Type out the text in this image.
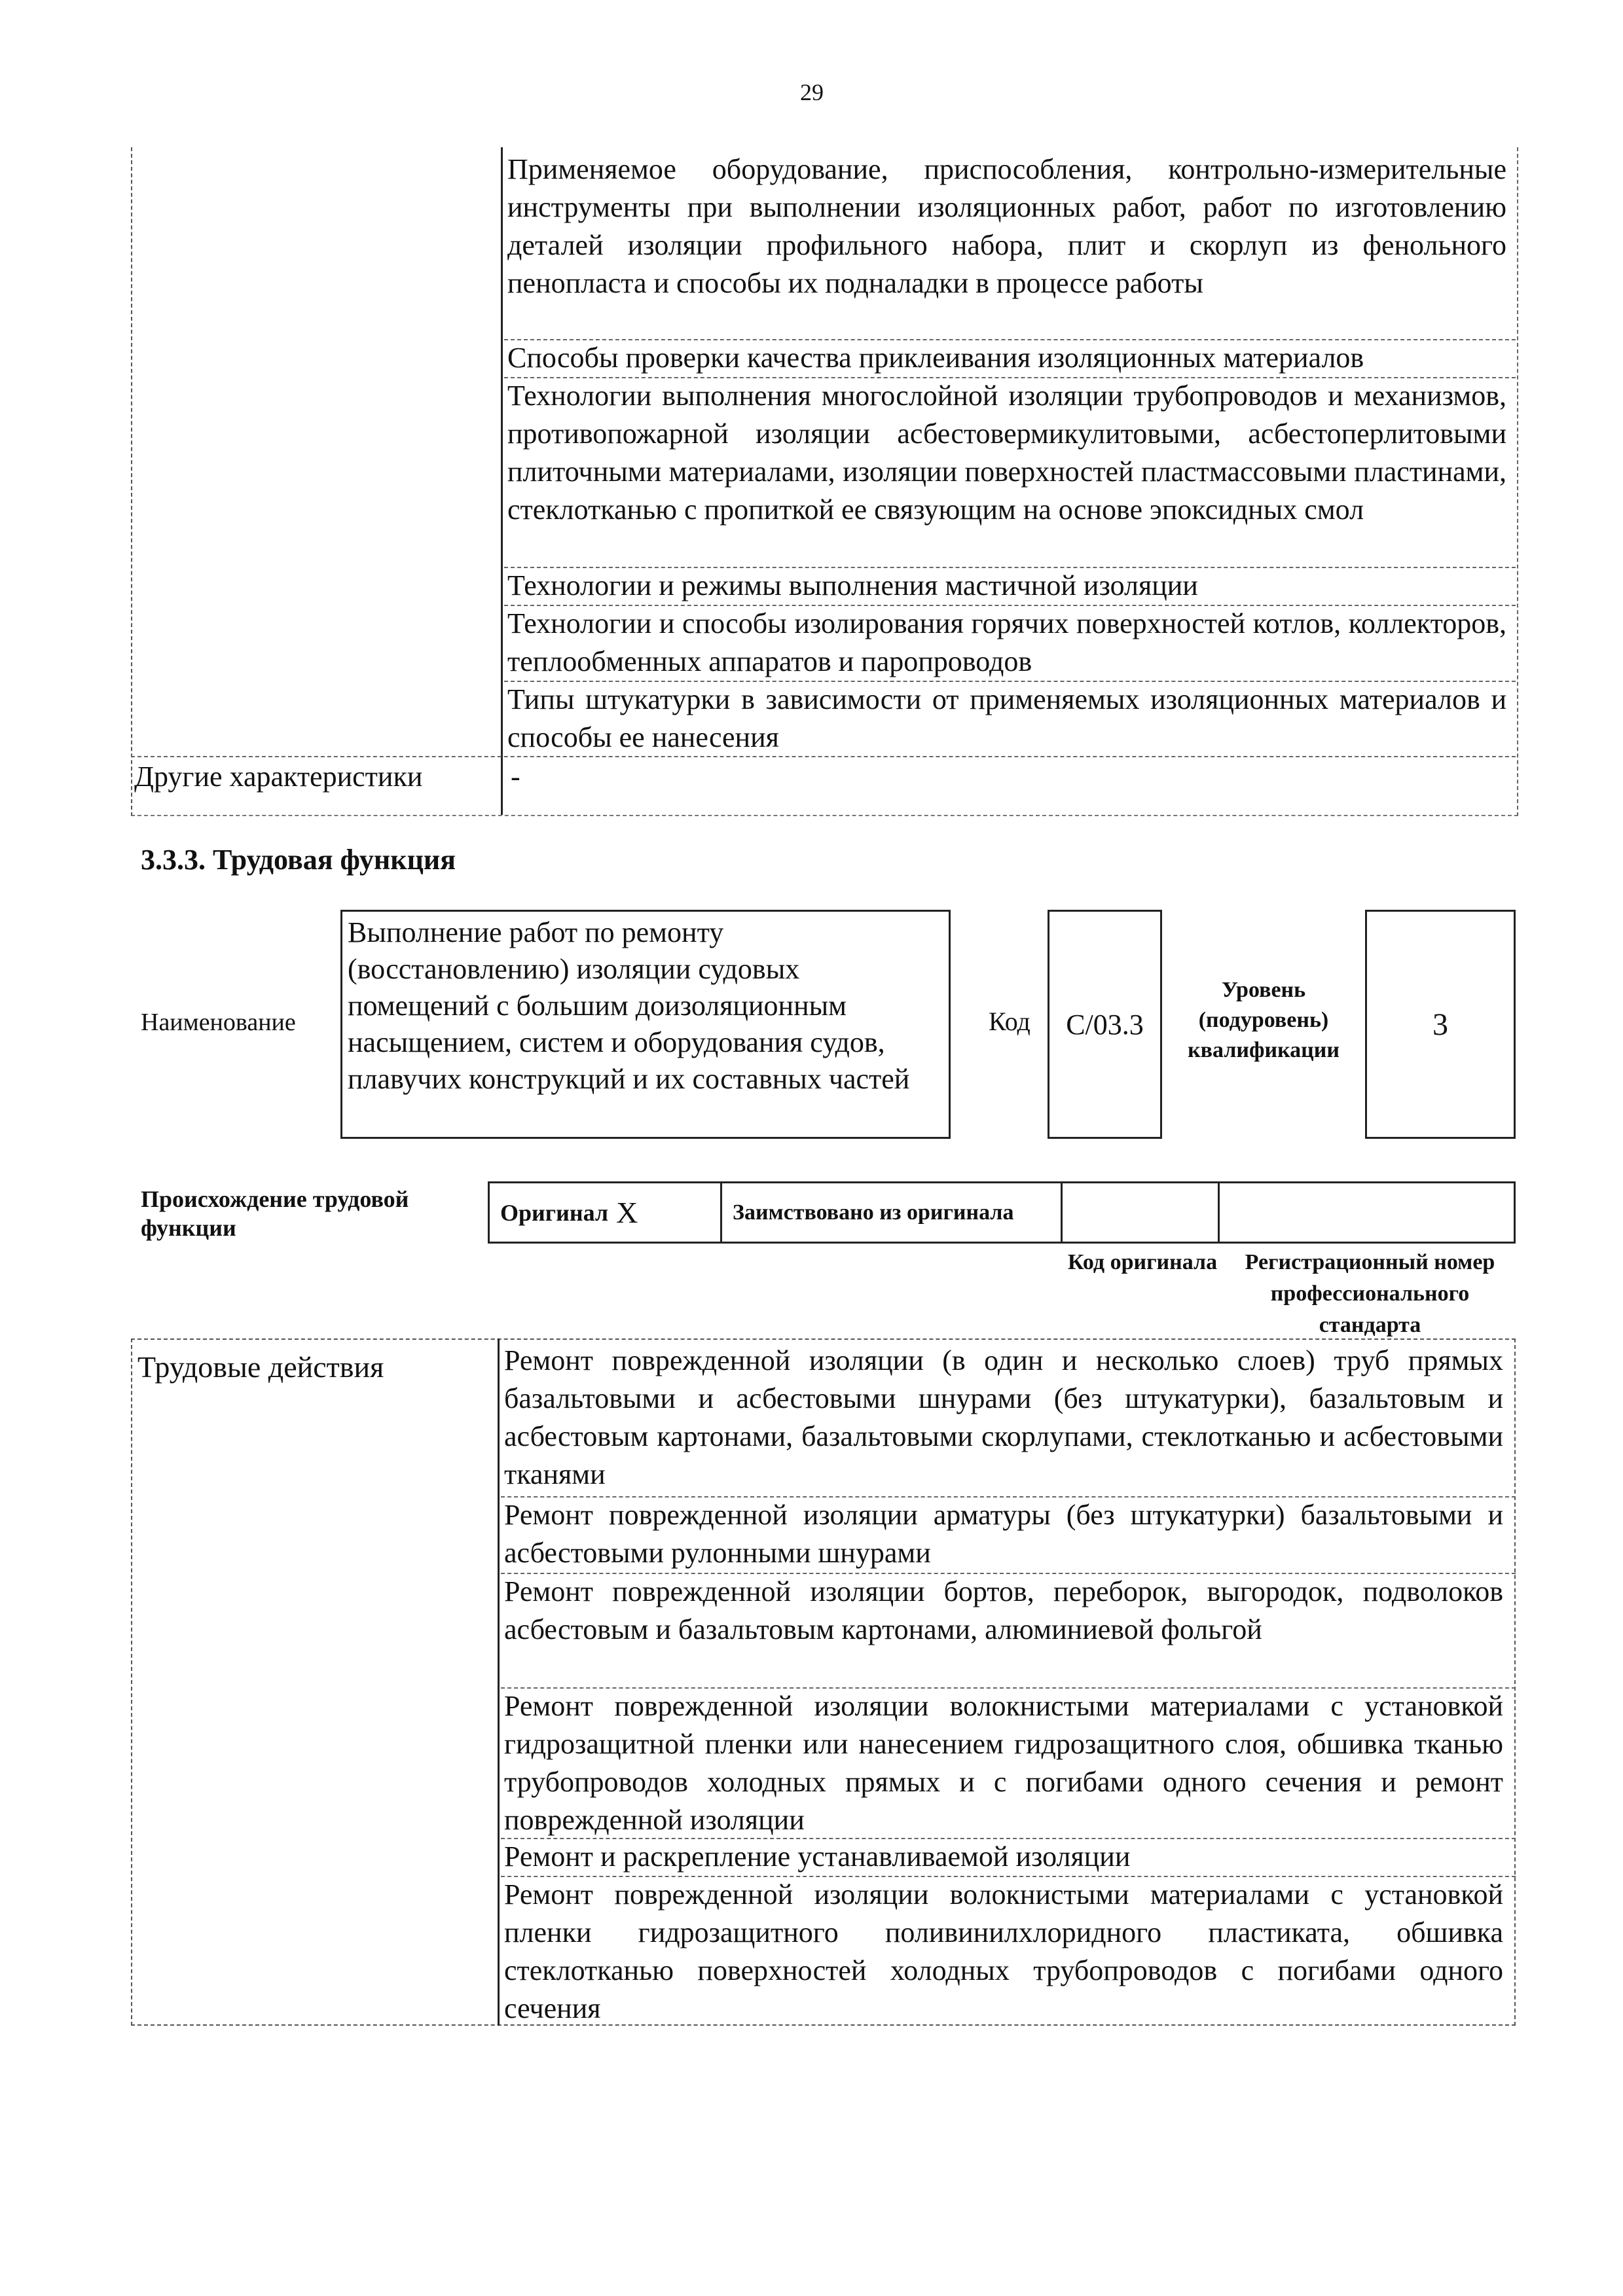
29
Применяемое оборудование, приспособления, контрольно-измерительные инструменты при выполнении изоляционных работ, работ по изготовлению деталей изоляции профильного набора, плит и скорлуп из фенольного пенопласта и способы их подналадки в процессе работы
Способы проверки качества приклеивания изоляционных материалов
Технологии выполнения многослойной изоляции трубопроводов и механизмов, противопожарной изоляции асбестовермикулитовыми, асбестоперлитовыми плиточными материалами, изоляции поверхностей пластмассовыми пластинами, стеклотканью с пропиткой ее связующим на основе эпоксидных смол
Технологии и режимы выполнения мастичной изоляции
Технологии и способы изолирования горячих поверхностей котлов, коллекторов, теплообменных аппаратов и паропроводов
Типы штукатурки в зависимости от применяемых изоляционных материалов и способы ее нанесения
Другие характеристики	-
3.3.3. Трудовая функция
Наименование
Выполнение работ по ремонту (восстановлению) изоляции судовых помещений с большим доизоляционным насыщением, систем и оборудования судов, плавучих конструкций и их составных частей
Код С/03.3
Уровень (подуровень) квалификации
3
Происхождение трудовой функции
Оригинал X	Заимствовано из оригинала
Код оригинала	Регистрационный номер профессионального стандарта
Трудовые действия	Ремонт поврежденной изоляции (в один и несколько слоев) труб прямых базальтовыми и асбестовыми шнурами (без штукатурки), базальтовым и асбестовым картонами, базальтовыми скорлупами, стеклотканью и асбестовыми тканями
Ремонт поврежденной изоляции арматуры (без штукатурки) базальтовыми и асбестовыми рулонными шнурами
Ремонт поврежденной изоляции бортов, переборок, выгородок, подволоков асбестовым и базальтовым картонами, алюминиевой фольгой
Ремонт поврежденной изоляции волокнистыми материалами с установкой гидрозащитной пленки или нанесением гидрозащитного слоя, обшивка тканью трубопроводов холодных прямых и с погибами одного сечения и ремонт поврежденной изоляции
Ремонт и раскрепление устанавливаемой изоляции
Ремонт поврежденной изоляции волокнистыми материалами с установкой пленки гидрозащитного поливинилхлоридного пластиката, обшивка стеклотканью поверхностей холодных трубопроводов с погибами одного сечения
